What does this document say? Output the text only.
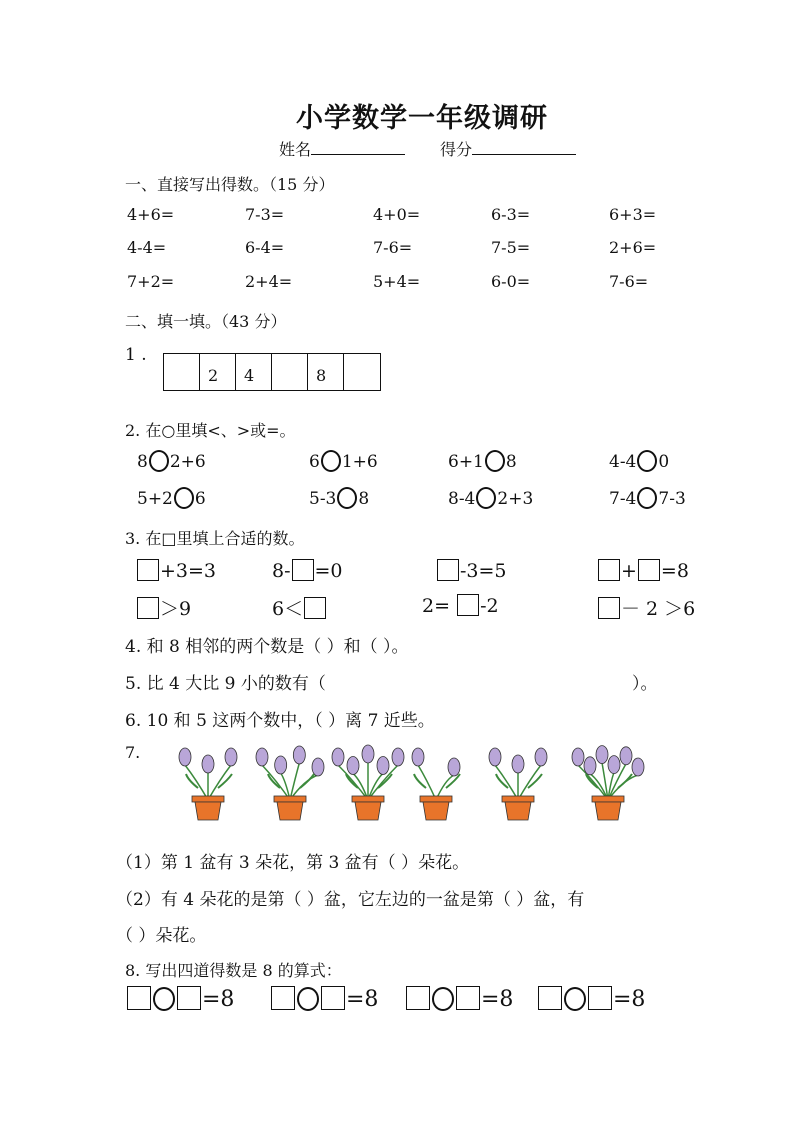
小学数学一年级调研
姓名	得分
一、直接写出得数。（15 分）
4+6=	7-3=	4+0=	6-3=	6+3=
4-4=	6-4=	7-6=	7-5=	2+6=
7+2=	2+4=	5+4=	6-0=	7-6=
二、填一填。（43 分）
1 .
2	4	8
2. 在○里填<、>或=。
8 2+6	6 1+6	6+1 8	4-4 0
5+2 6	5-3 8	8-4 2+3	7-4 7-3
3. 在□里填上合适的数。
+3=3	8- =0	-3=5	+ =8
＞9	6＜	2= -2	－ 2 ＞6
4. 和 8 相邻的两个数是（ ）和（ ）。
5. 比 4 大比 9 小的数有（	）。
6. 10 和 5 这两个数中，（ ）离 7 近些。
7.
（1）第 1 盆有 3 朵花，第 3 盆有（ ）朵花。
（2）有 4 朵花的是第（ ）盆，它左边的一盆是第（ ）盆，有
（ ）朵花。
8. 写出四道得数是 8 的算式：
=8	=8	=8	=8
